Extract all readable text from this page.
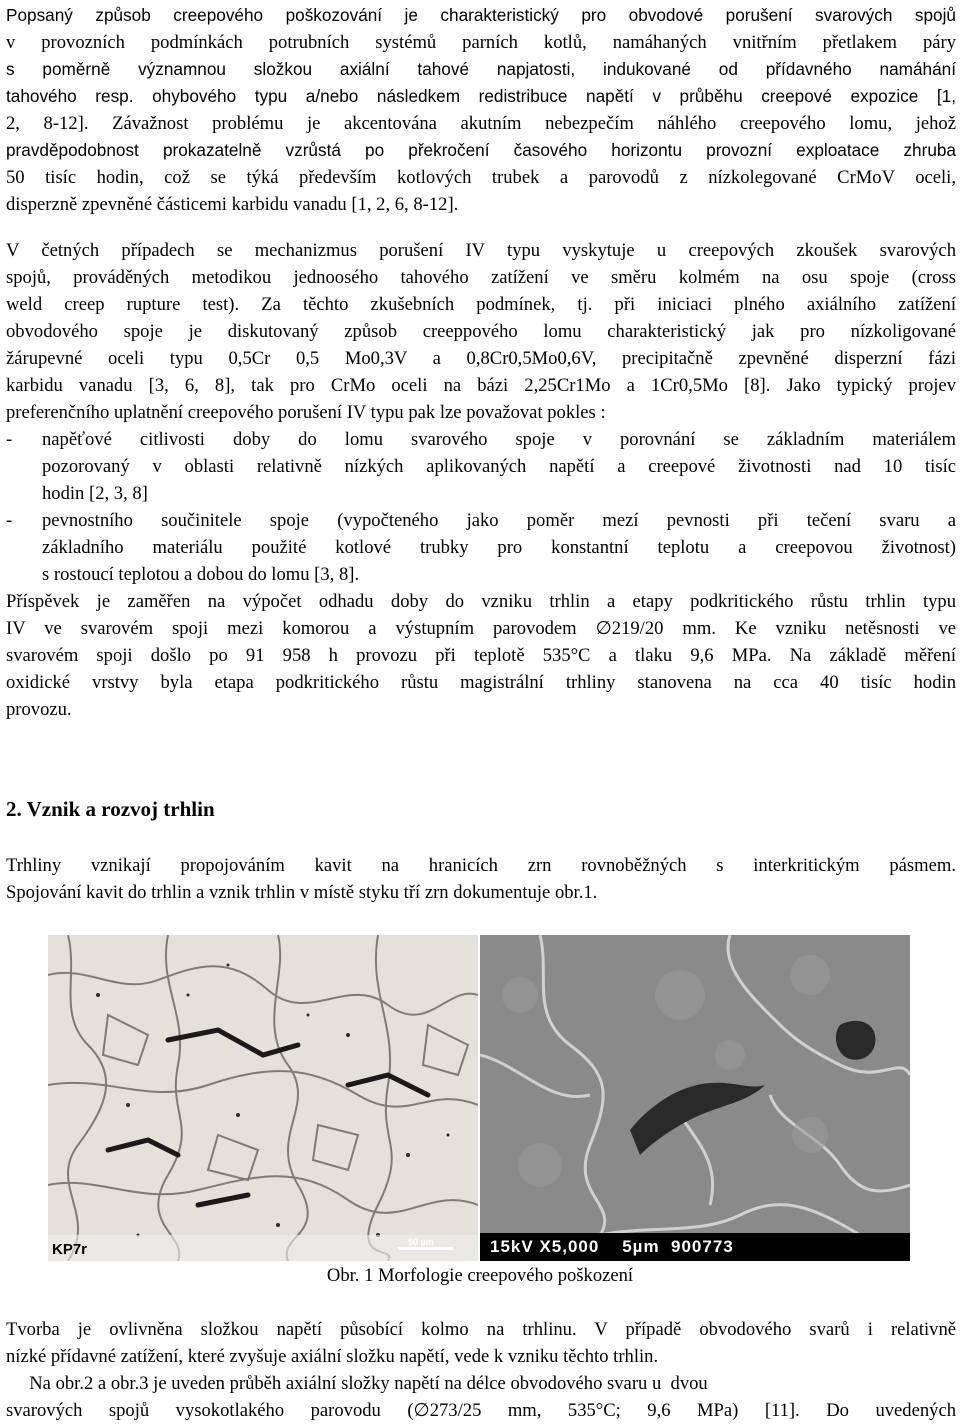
Popsaný způsob creepového poškozování je charakteristický pro obvodové porušení svarových spojů
v provozních podmínkách potrubních systémů parních kotlů, namáhaných vnitřním přetlakem páry
s poměrně významnou složkou axiální tahové napjatosti, indukované od přídavného namáhání
tahového resp. ohybového typu a/nebo následkem redistribuce napětí v průběhu creepové expozice [1,
2, 8-12]. Závažnost problému je akcentována akutním nebezpečím náhlého creepového lomu, jehož
pravděpodobnost prokazatelně vzrůstá po překročení časového horizontu provozní exploatace zhruba
50 tisíc hodin, což se týká především kotlových trubek a parovodů z nízkolegované CrMoV oceli,
disperzně zpevněné částicemi karbidu vanadu [1, 2, 6, 8-12].
V četných případech se mechanizmus porušení IV typu vyskytuje u creepových zkoušek svarových
spojů, prováděných metodikou jednoosého tahového zatížení ve směru kolmém na osu spoje (cross
weld creep rupture test). Za těchto zkušebních podmínek, tj. při iniciaci plného axiálního zatížení
obvodového spoje je diskutovaný způsob creeppového lomu charakteristický jak pro nízkoligované
žárupevné oceli typu 0,5Cr 0,5 Mo0,3V a 0,8Cr0,5Mo0,6V, precipitačně zpevněné disperzní fázi
karbidu vanadu [3, 6, 8], tak pro CrMo oceli na bázi 2,25Cr1Mo a 1Cr0,5Mo [8]. Jako typický projev
preferenčního uplatnění creepového porušení IV typu pak lze považovat pokles :
-	napěťové citlivosti doby do lomu svarového spoje v porovnání se základním materiálem
pozorovaný v oblasti relativně nízkých aplikovaných napětí a creepové životnosti nad 10 tisíc
hodin [2, 3, 8]
-	pevnostního součinitele spoje (vypočteného jako poměr mezí pevnosti při tečení svaru a
základního materiálu použité kotlové trubky pro konstantní teplotu a creepovou životnost)
s rostoucí teplotou a dobou do lomu [3, 8].
Příspěvek je zaměřen na výpočet odhadu doby do vzniku trhlin a etapy podkritického růstu trhlin typu
IV ve svarovém spoji mezi komorou a výstupním parovodem ∅219/20 mm. Ke vzniku netěsnosti ve
svarovém spoji došlo po 91 958 h provozu při teplotě 535°C a tlaku 9,6 MPa. Na základě měření
oxidické vrstvy byla etapa podkritického růstu magistrální trhliny stanovena na cca 40 tisíc hodin
provozu.
2. Vznik a rozvoj trhlin
Trhliny vznikají propojováním kavit na hranicích zrn rovnoběžných s interkritickým pásmem.
Spojování kavit do trhlin a vznik trhlin v místě styku tří zrn dokumentuje obr.1.
KP7r	50 µm	15kV X5,000    5µm  900773
Obr. 1 Morfologie creepového poškození
Tvorba je ovlivněna složkou napětí působící kolmo na trhlinu. V případě obvodového svarů i relativně
nízké přídavné zatížení, které zvyšuje axiální složku napětí, vede k vzniku těchto trhlin.
Na obr.2 a obr.3 je uveden průběh axiální složky napětí na délce obvodového svaru u  dvou
svarových spojů vysokotlakého parovodu (∅273/25 mm, 535°C; 9,6 MPa) [11]. Do uvedených
